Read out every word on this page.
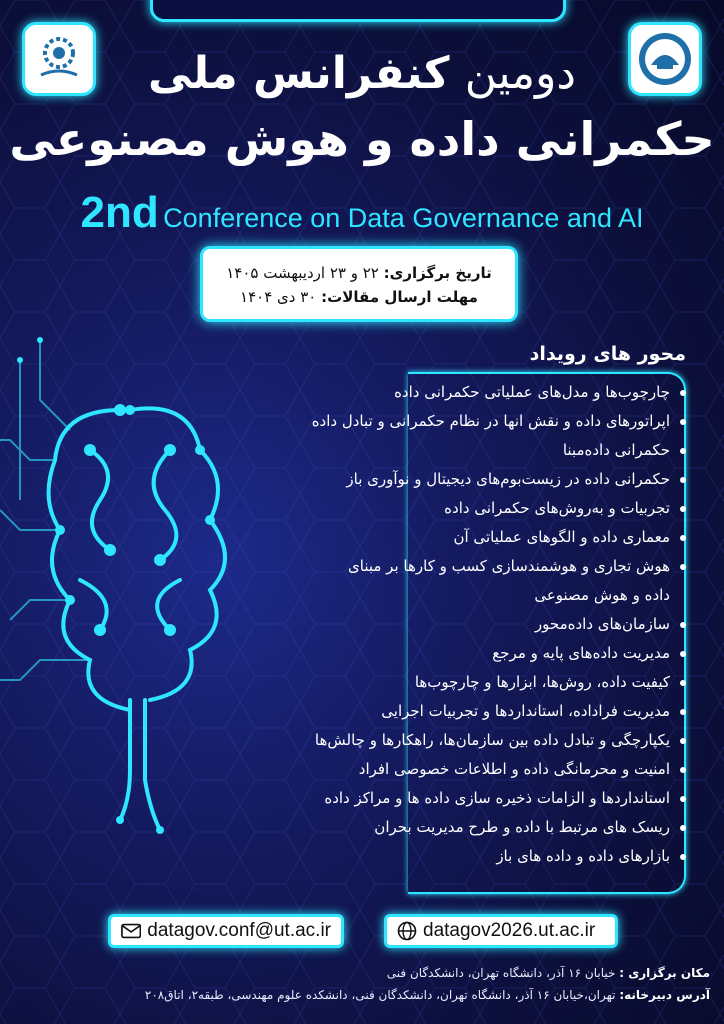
دومین کنفرانس ملی
حکمرانی داده و هوش مصنوعی
2nd Conference on Data Governance and AI
تاریخ برگزاری: ۲۲ و ۲۳ اردیبهشت ۱۴۰۵
مهلت ارسال مقالات: ۳۰ دی ۱۴۰۴
محور های رویداد
چارچوب‌ها و مدل‌های عملیاتی حکمرانی داده
اپراتورهای داده و نقش انها در نظام حکمرانی و تبادل داده
حکمرانی داده‌مبنا
حکمرانی داده در زیست‌بوم‌های دیجیتال و نوآوری باز
تجربیات و به‌روش‌های حکمرانی داده
معماری داده و الگوهای عملیاتی آن
هوش تجاری و هوشمندسازی کسب و کارها بر مبنای
داده و هوش مصنوعی
سازمان‌های داده‌محور
مدیریت داده‌های پایه و مرجع
کیفیت داده، روش‌ها، ابزارها و چارچوب‌ها
مدیریت فراداده، استانداردها و تجربیات اجرایی
یکپارچگی و تبادل داده بین سازمان‌ها، راهکارها و چالش‌ها
امنیت و محرمانگی داده و اطلاعات خصوصی افراد
استانداردها و الزامات ذخیره سازی داده ها و مراکز داده
ریسک های مرتبط با داده و طرح مدیریت بحران
بازارهای داده و داده های باز
datagov.conf@ut.ac.ir	datagov2026.ut.ac.ir
مکان برگزاری : خیابان ۱۶ آذر، دانشگاه تهران، دانشکدگان فنی
آدرس دبیرخانه: تهران،خیابان ۱۶ آذر، دانشگاه تهران، دانشکدگان فنی، دانشکده علوم مهندسی، طبقه۲، اتاق۲۰۸
